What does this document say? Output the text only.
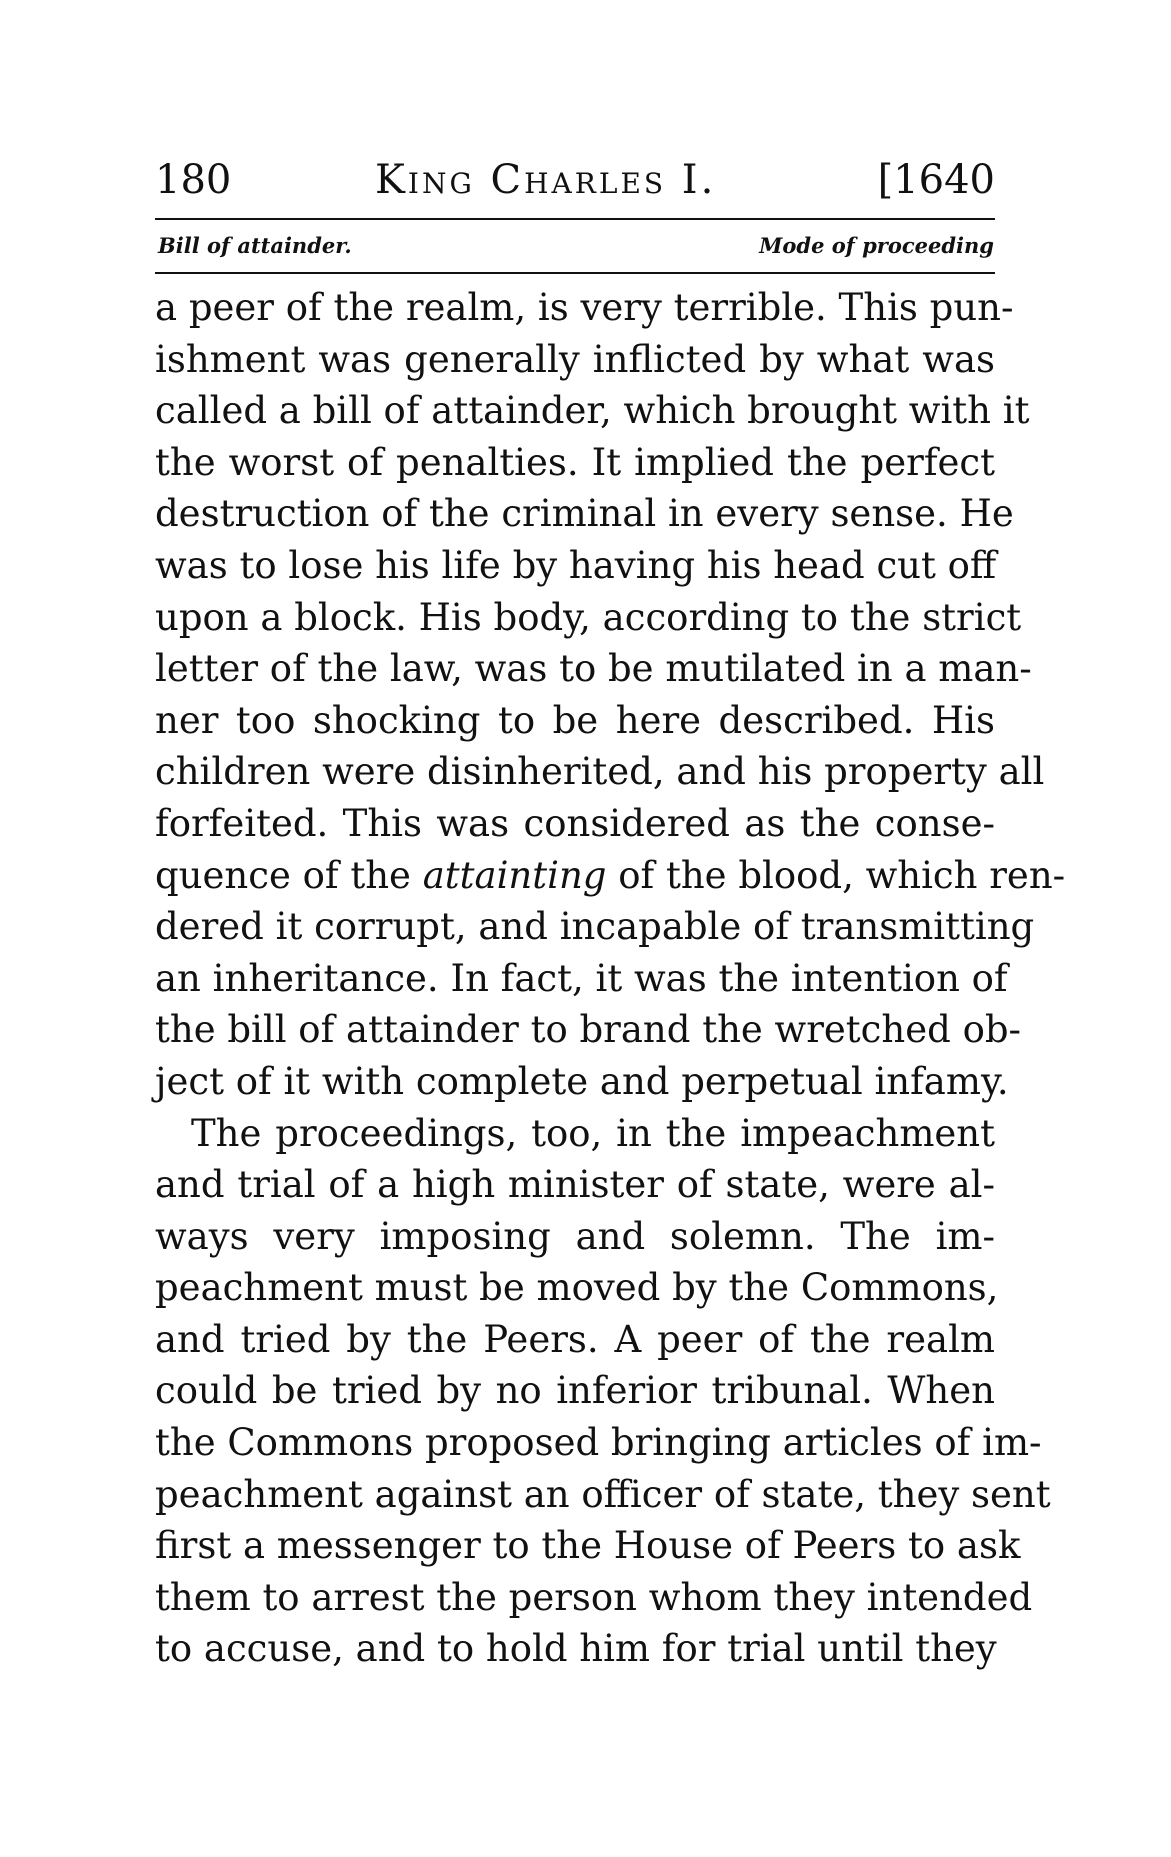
180	King Charles I.	[1640
Bill of attainder.	Mode of proceeding
a peer of the realm, is very terrible. This pun-
ishment was generally inflicted by what was
called a bill of attainder, which brought with it
the worst of penalties. It implied the perfect
destruction of the criminal in every sense. He
was to lose his life by having his head cut off
upon a block. His body, according to the strict
letter of the law, was to be mutilated in a man-
ner too shocking to be here described. His
children were disinherited, and his property all
forfeited. This was considered as the conse-
quence of the attainting of the blood, which ren-
dered it corrupt, and incapable of transmitting
an inheritance. In fact, it was the intention of
the bill of attainder to brand the wretched ob-
ject of it with complete and perpetual infamy.
The proceedings, too, in the impeachment
and trial of a high minister of state, were al-
ways very imposing and solemn. The im-
peachment must be moved by the Commons,
and tried by the Peers. A peer of the realm
could be tried by no inferior tribunal. When
the Commons proposed bringing articles of im-
peachment against an officer of state, they sent
first a messenger to the House of Peers to ask
them to arrest the person whom they intended
to accuse, and to hold him for trial until they
